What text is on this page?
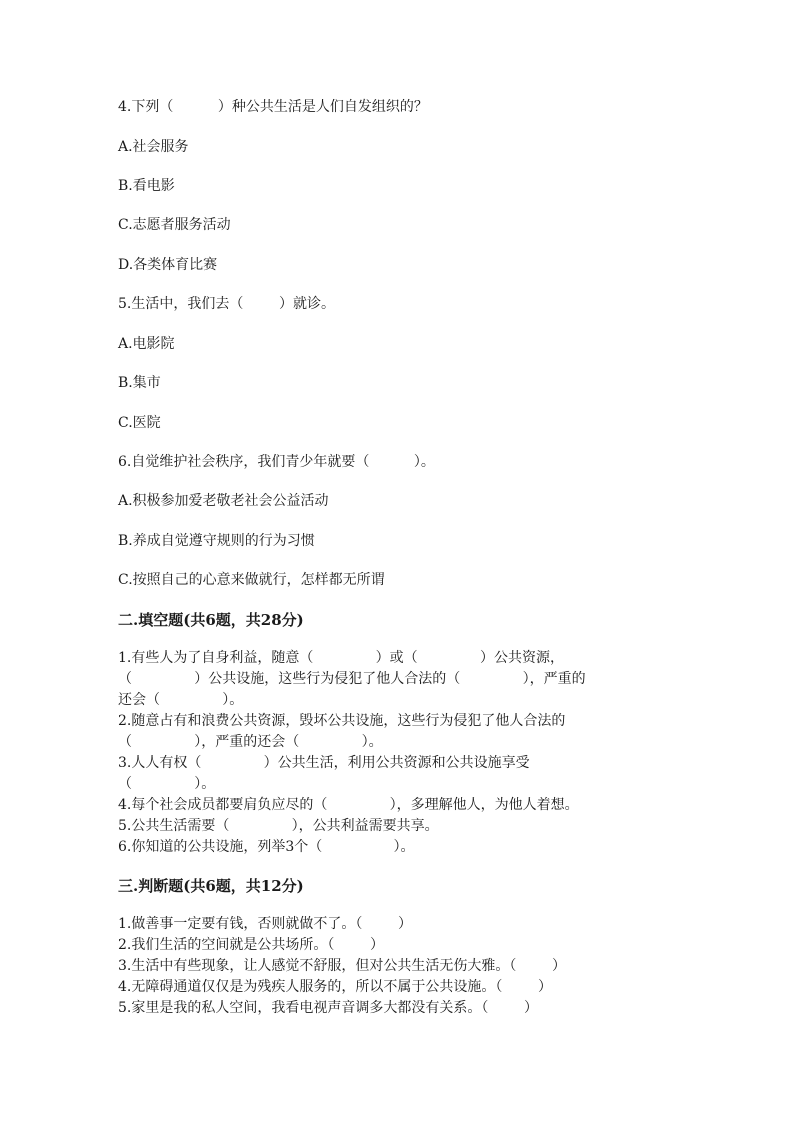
4.下列（          ）种公共生活是人们自发组织的？
A.社会服务
B.看电影
C.志愿者服务活动
D.各类体育比赛
5.生活中，我们去（        ）就诊。
A.电影院
B.集市
C.医院
6.自觉维护社会秩序，我们青少年就要（          ）。
A.积极参加爱老敬老社会公益活动
B.养成自觉遵守规则的行为习惯
C.按照自己的心意来做就行，怎样都无所谓
二.填空题(共6题，共28分)
1.有些人为了自身利益，随意（              ）或（              ）公共资源，
（              ）公共设施，这些行为侵犯了他人合法的（              ），严重的
还会（              ）。
2.随意占有和浪费公共资源，毁坏公共设施，这些行为侵犯了他人合法的
（              ），严重的还会（              ）。
3.人人有权（              ）公共生活，利用公共资源和公共设施享受
（              ）。
4.每个社会成员都要肩负应尽的（              ），多理解他人，为他人着想。
5.公共生活需要（              ），公共利益需要共享。
6.你知道的公共设施，列举3个（                ）。
三.判断题(共6题，共12分)
1.做善事一定要有钱，否则就做不了。（        ）
2.我们生活的空间就是公共场所。（        ）
3.生活中有些现象，让人感觉不舒服，但对公共生活无伤大雅。（        ）
4.无障碍通道仅仅是为残疾人服务的，所以不属于公共设施。（        ）
5.家里是我的私人空间，我看电视声音调多大都没有关系。（        ）
